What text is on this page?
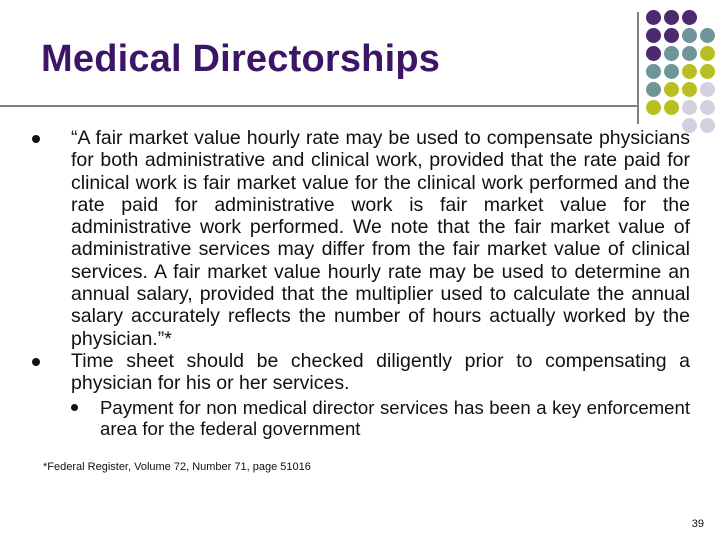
Medical Directorships
“A fair market value hourly rate may be used to compensate physicians for both administrative and clinical work, provided that the rate paid for clinical work is fair market value for the clinical work performed and the rate paid for administrative work is fair market value for the administrative work performed. We note that the fair market value of administrative services may differ from the fair market value of clinical services. A fair market value hourly rate may be used to determine an annual salary, provided that the multiplier used to calculate the annual salary accurately reflects the number of hours actually worked by the physician.”*
Time sheet should be checked diligently prior to compensating a physician for his or her services.
Payment for non medical director services has been a key enforcement area for the federal government
*Federal Register, Volume 72, Number 71, page 51016
39
